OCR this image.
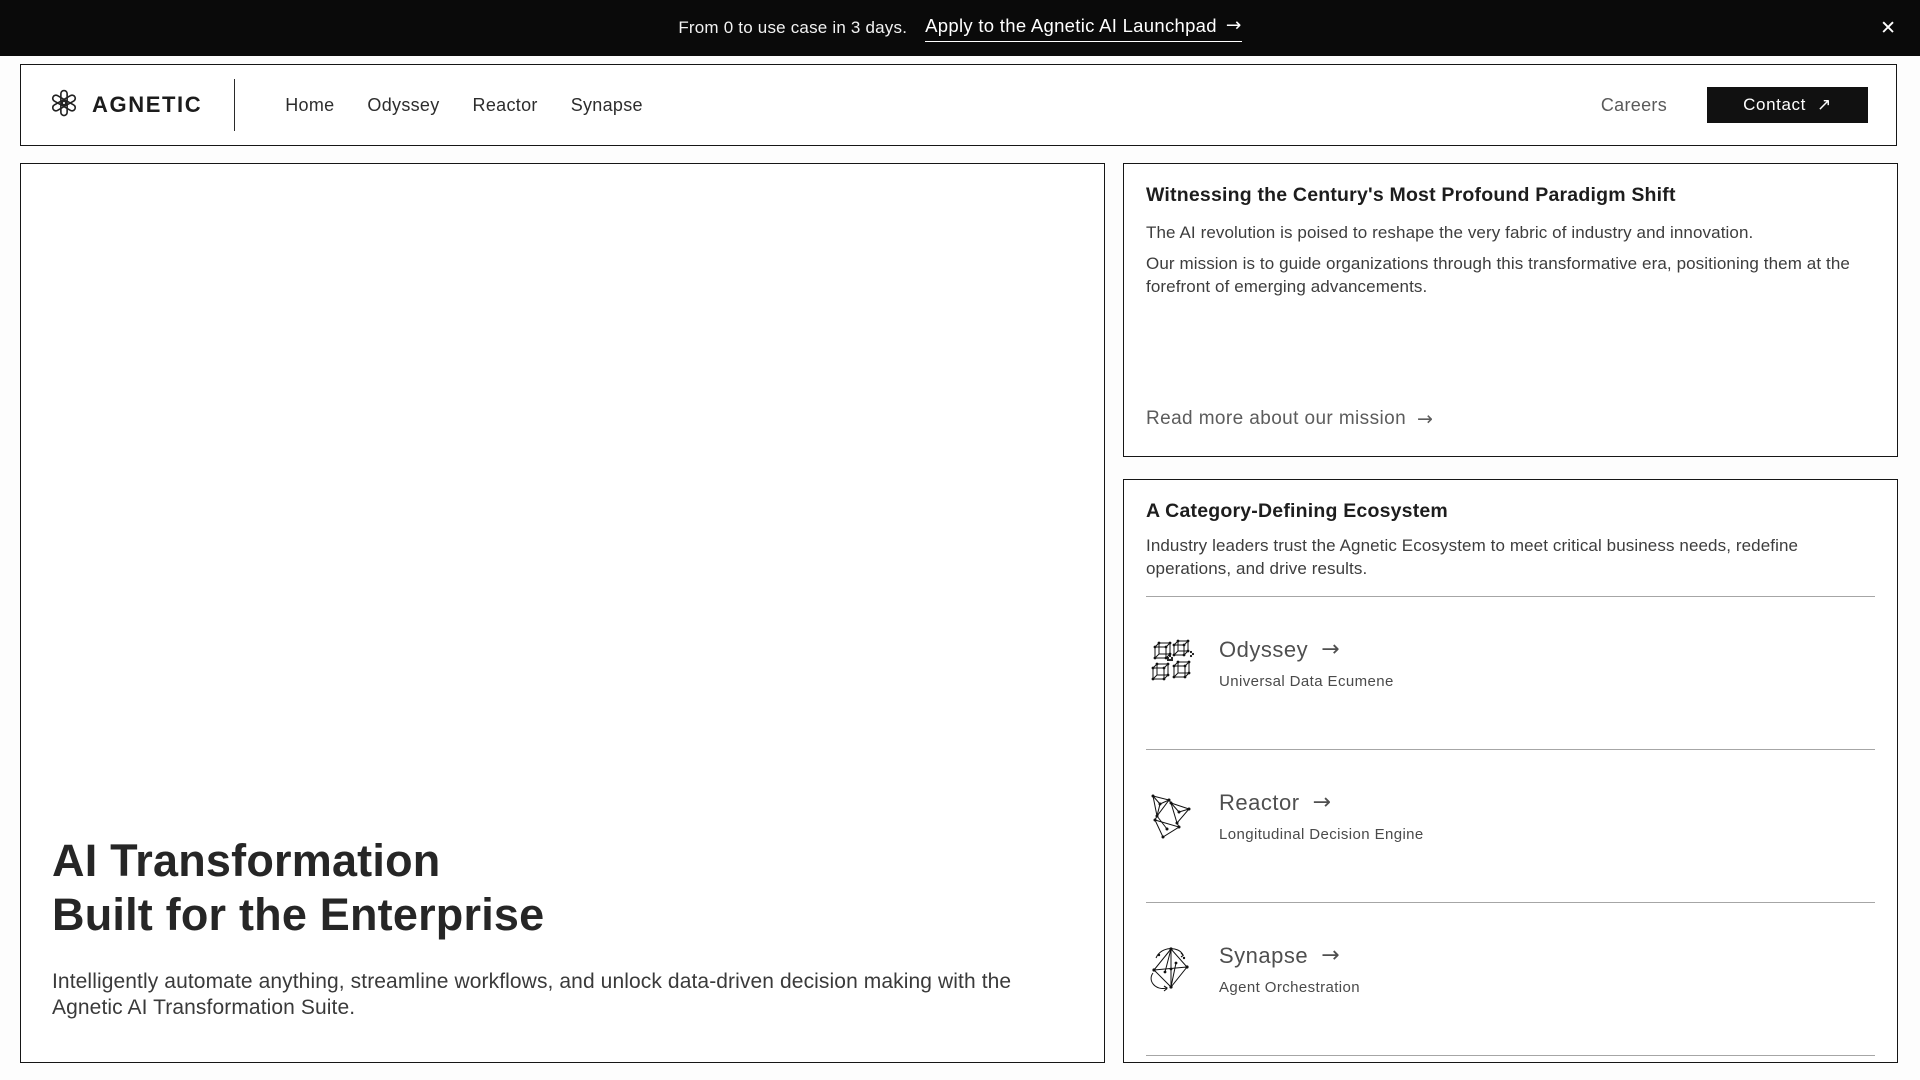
From 0 to use case in 3 days. Apply to the Agnetic AI Launchpad →	✕
AGNETIC	Home Odyssey Reactor Synapse	Careers	Contact ↗
AI Transformation
Built for the Enterprise
Intelligently automate anything, streamline workflows, and unlock data-driven decision making with the Agnetic AI Transformation Suite.
Witnessing the Century's Most Profound Paradigm Shift

The AI revolution is poised to reshape the very fabric of industry and innovation.

Our mission is to guide organizations through this transformative era, positioning them at the forefront of emerging advancements.

Read more about our mission →
A Category-Defining Ecosystem
Industry leaders trust the Agnetic Ecosystem to meet critical business needs, redefine operations, and drive results.
Odyssey →
Universal Data Ecumene
Reactor →
Longitudinal Decision Engine
Synapse →
Agent Orchestration
